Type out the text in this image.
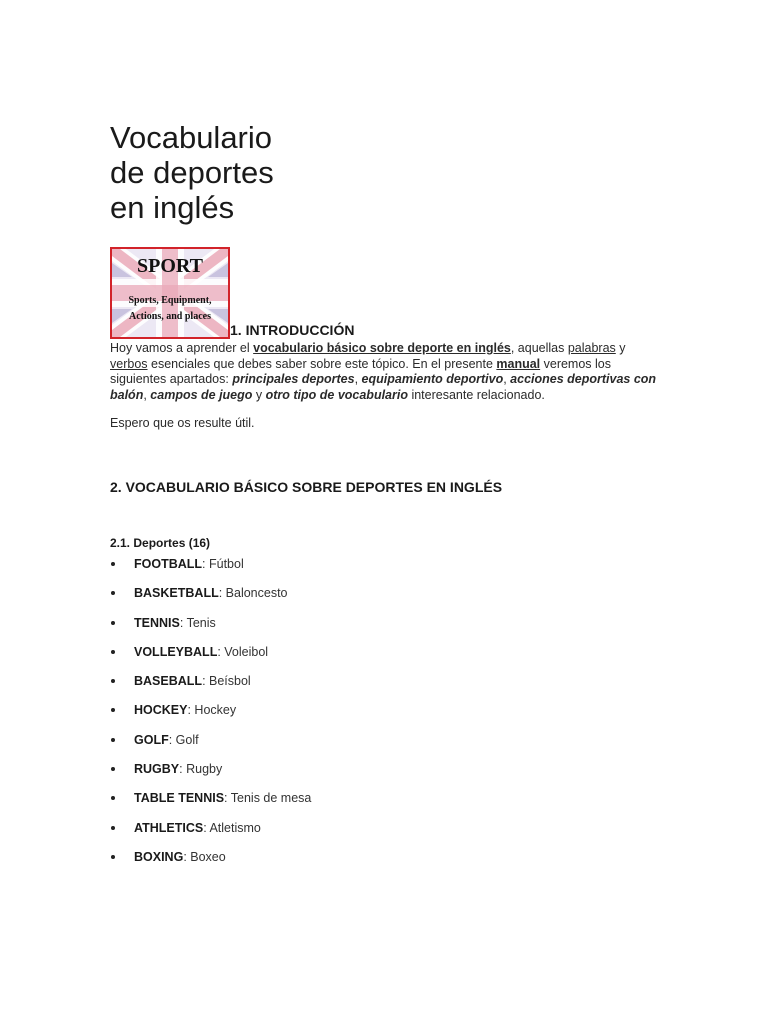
Vocabulario de deportes en inglés
SPORT
Sports, Equipment,
Actions, and places
1. INTRODUCCIÓN

Hoy vamos a aprender el vocabulario básico sobre deporte en inglés, aquellas palabras y verbos esenciales que debes saber sobre este tópico. En el presente manual veremos los siguientes apartados: principales deportes, equipamiento deportivo, acciones deportivas con balón, campos de juego y otro tipo de vocabulario interesante relacionado.

Espero que os resulte útil.

2. VOCABULARIO BÁSICO SOBRE DEPORTES EN INGLÉS
2.1. Deportes (16)
FOOTBALL: Fútbol
BASKETBALL: Baloncesto
TENNIS: Tenis
VOLLEYBALL: Voleibol
BASEBALL: Beísbol
HOCKEY: Hockey
GOLF: Golf
RUGBY: Rugby
TABLE TENNIS: Tenis de mesa
ATHLETICS: Atletismo
BOXING: Boxeo
